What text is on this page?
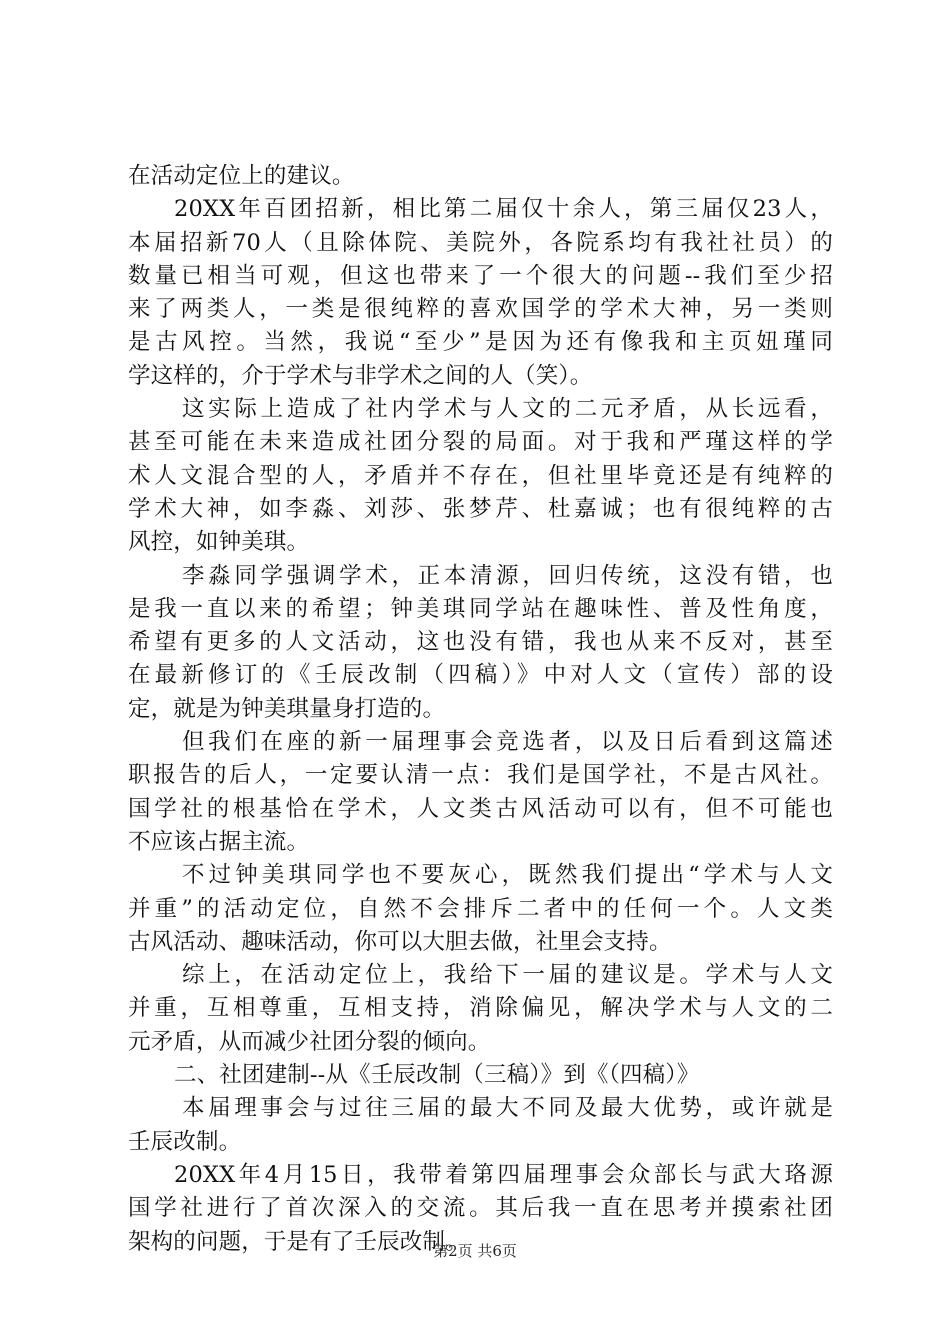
在活动定位上的建议。
20XX年百团招新，相比第二届仅十余人，第三届仅23人，
本届招新70人（且除体院、美院外，各院系均有我社社员）的
数量已相当可观，但这也带来了一个很大的问题--我们至少招
来了两类人，一类是很纯粹的喜欢国学的学术大神，另一类则
是古风控。当然，我说“至少”是因为还有像我和主页妞瑾同
学这样的，介于学术与非学术之间的人（笑）。
这实际上造成了社内学术与人文的二元矛盾，从长远看，
甚至可能在未来造成社团分裂的局面。对于我和严瑾这样的学
术人文混合型的人，矛盾并不存在，但社里毕竟还是有纯粹的
学术大神，如李淼、刘莎、张梦芹、杜嘉诚；也有很纯粹的古
风控，如钟美琪。
李淼同学强调学术，正本清源，回归传统，这没有错，也
是我一直以来的希望；钟美琪同学站在趣味性、普及性角度，
希望有更多的人文活动，这也没有错，我也从来不反对，甚至
在最新修订的《壬辰改制（四稿）》中对人文（宣传）部的设
定，就是为钟美琪量身打造的。
但我们在座的新一届理事会竞选者，以及日后看到这篇述
职报告的后人，一定要认清一点：我们是国学社，不是古风社。
国学社的根基恰在学术，人文类古风活动可以有，但不可能也
不应该占据主流。
不过钟美琪同学也不要灰心，既然我们提出“学术与人文
并重”的活动定位，自然不会排斥二者中的任何一个。人文类
古风活动、趣味活动，你可以大胆去做，社里会支持。
综上，在活动定位上，我给下一届的建议是。学术与人文
并重，互相尊重，互相支持，消除偏见，解决学术与人文的二
元矛盾，从而减少社团分裂的倾向。
二、社团建制--从《壬辰改制（三稿）》到《（四稿）》
本届理事会与过往三届的最大不同及最大优势，或许就是
壬辰改制。
20XX年4月15日，我带着第四届理事会众部长与武大珞源
国学社进行了首次深入的交流。其后我一直在思考并摸索社团
架构的问题，于是有了壬辰改制。
第2页 共6页
